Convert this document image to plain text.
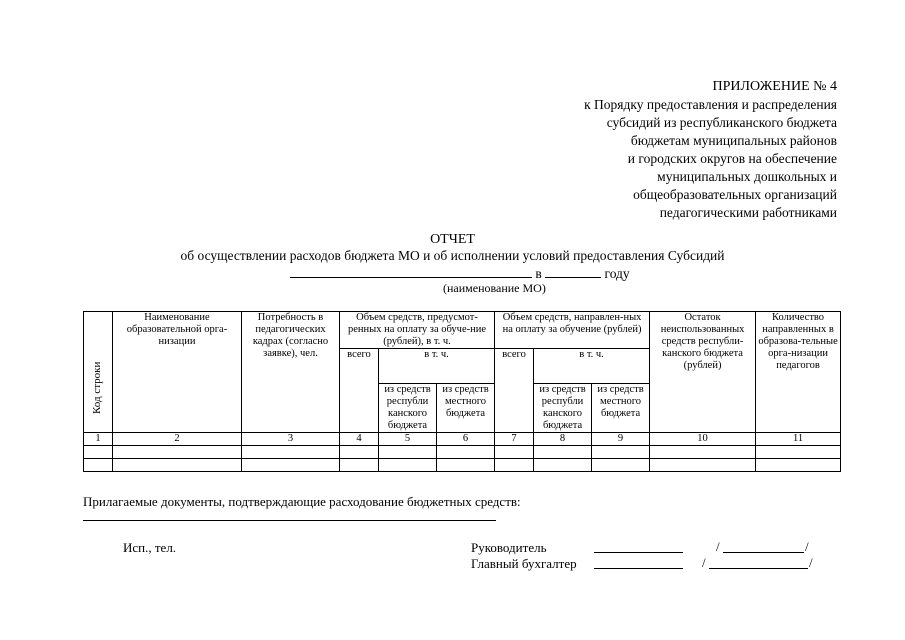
ПРИЛОЖЕНИЕ № 4
к Порядку предоставления и распределения
субсидий из республиканского бюджета
бюджетам муниципальных районов
и городских округов на обеспечение
муниципальных дошкольных и
общеобразовательных организаций
педагогическими работниками
ОТЧЕТ
об осуществлении расходов бюджета МО и об исполнении условий предоставления Субсидий
в	году
(наименование МО)
Код строки	Наименование образовательной орга-низации	Потребность в педагогических кадрах (согласно заявке), чел.	Объем средств, предусмот-ренных на оплату за обуче-ние (рублей), в т. ч.			Объем средств, направлен-ных на оплату за обучение (рублей)			Остаток неиспользованных средств республи-канского бюджета (рублей)	Количество направленных в образова-тельные орга-низации педагогов
			всего	в т. ч.		всего	в т. ч.			
				из средств республи канского бюджета	из средств местного бюджета		из средств республи канского бюджета	из средств местного бюджета		
1	2	3	4	5	6	7	8	9	10	11

Прилагаемые документы, подтверждающие расходование бюджетных средств:
Исп., тел.	Руководитель	/	/
Главный бухгалтер	/	/
